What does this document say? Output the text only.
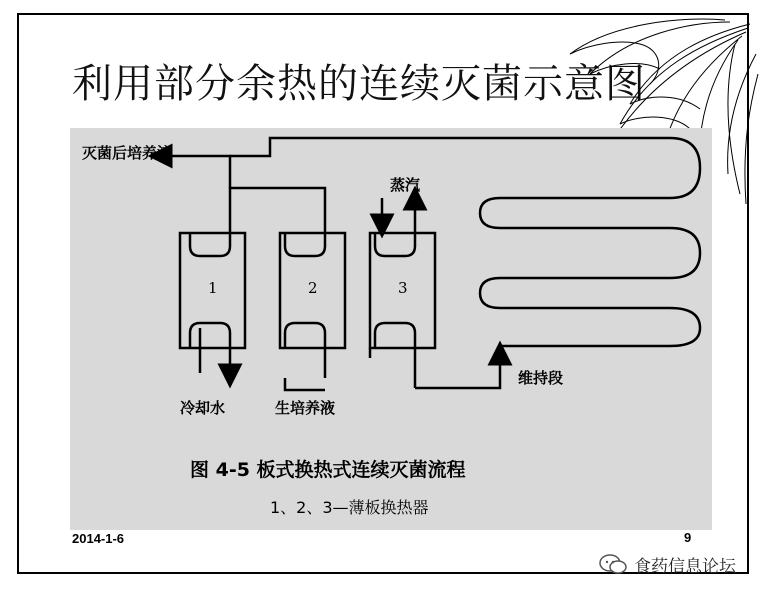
利用部分余热的连续灭菌示意图
灭菌后培养液
蒸汽
维持段
冷却水	生培养液
1	2	3
图 4-5 板式换热式连续灭菌流程
1、2、3—薄板换热器
2014-1-6	9
食药信息论坛
